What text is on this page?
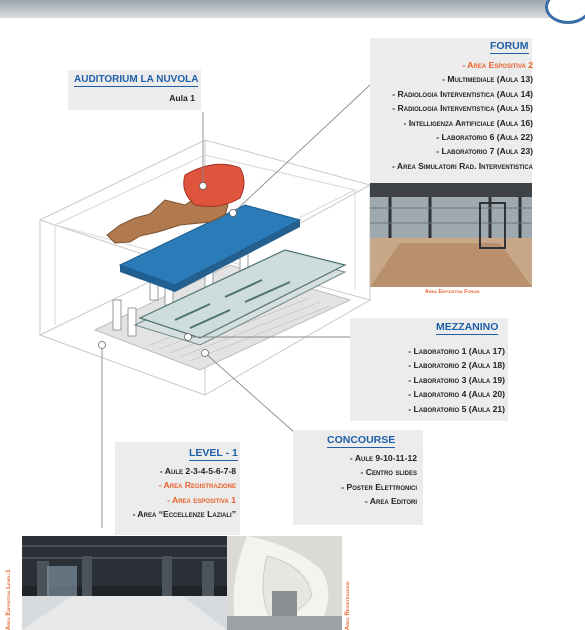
AUDITORIUM LA NUVOLA
Aula 1
FORUM
- Area Espositiva 2
- Multimediale (Aula 13)
- Radiologia Interventistica (Aula 14)
- Radiologia Interventistica (Aula 15)
- Intelligenza Artificiale (Aula 16)
- Laboratorio 6 (Aula 22)
- Laboratorio 7 (Aula 23)
- Area Simulatori Rad. Interventistica
Area Espositiva Forum
MEZZANINO
- Laboratorio 1 (Aula 17)
- Laboratorio 2 (Aula 18)
- Laboratorio 3 (Aula 19)
- Laboratorio 4 (Aula 20)
- Laboratorio 5 (Aula 21)
CONCOURSE
- Aule 9-10-11-12
- Centro slides
- Poster Elettronici
- Area Editori
LEVEL - 1
- Aule 2-3-4-5-6-7-8
- Area Registrazione
- Area espositiva 1
- Area “Eccellenze Laziali”
Area Espositiva Level-1	Area Registrazione
